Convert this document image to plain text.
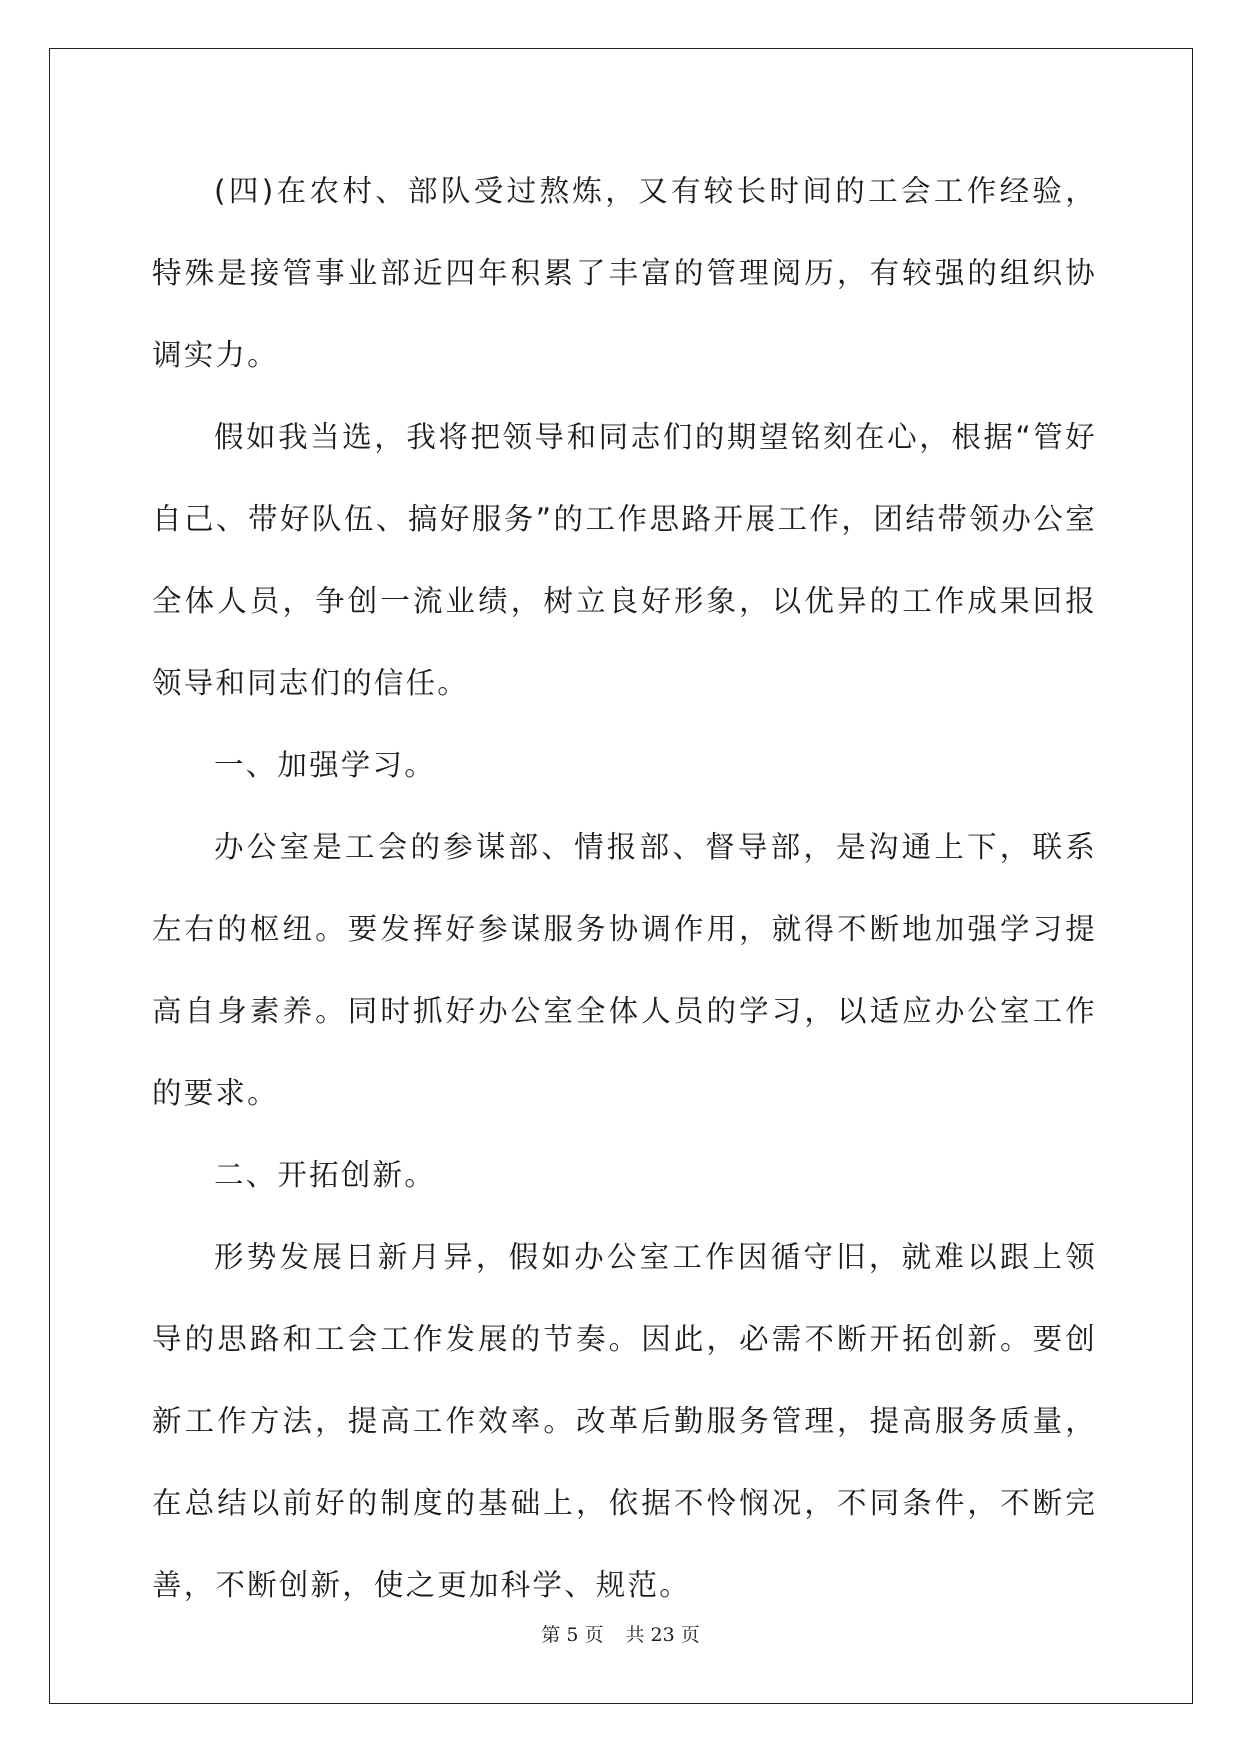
(四)在农村、部队受过熬炼，又有较长时间的工会工作经验，特殊是接管事业部近四年积累了丰富的管理阅历，有较强的组织协调实力。

假如我当选，我将把领导和同志们的期望铭刻在心，根据“管好自己、带好队伍、搞好服务”的工作思路开展工作，团结带领办公室全体人员，争创一流业绩，树立良好形象，以优异的工作成果回报领导和同志们的信任。

一、加强学习。

办公室是工会的参谋部、情报部、督导部，是沟通上下，联系左右的枢纽。要发挥好参谋服务协调作用，就得不断地加强学习提高自身素养。同时抓好办公室全体人员的学习，以适应办公室工作的要求。

二、开拓创新。

形势发展日新月异，假如办公室工作因循守旧，就难以跟上领导的思路和工会工作发展的节奏。因此，必需不断开拓创新。要创新工作方法，提高工作效率。改革后勤服务管理，提高服务质量，在总结以前好的制度的基础上，依据不怜悯况，不同条件，不断完善，不断创新，使之更加科学、规范。

第 5 页 共 23 页
